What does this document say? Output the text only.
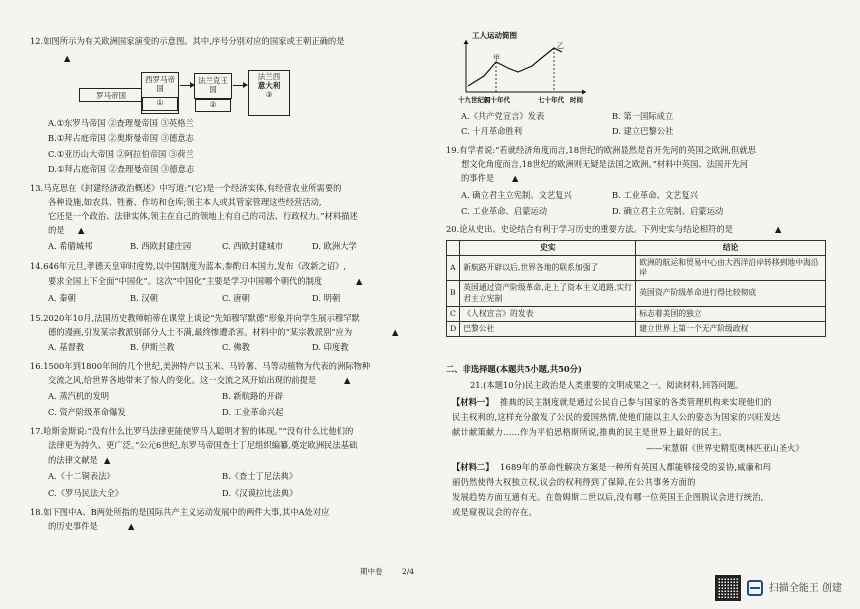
12.如图所示为有关欧洲国家演变的示意图。其中,序号分别对应的国家或王朝正确的是
▲
罗马帝国
西罗马帝国
①
法兰克王国
②
法兰西
意大利
③
A.①东罗马帝国 ②查理曼帝国 ③英格兰
B.①拜占庭帝国 ②奥斯曼帝国 ③德意志
C.①亚历山大帝国 ②阿拉伯帝国 ③荷兰
D.①拜占庭帝国 ②查理曼帝国 ③德意志
13.马克思在《封建经济政治概述》中写道:“(它)是一个经济实体,有经营农业所需要的
各种设施,如农具、牲畜、作坊和仓库;领主本人或其管家管理这些经营活动,
它还是一个政治、法律实体,领主在自己的领地上有自己的司法、行政权力。”材料描述
的是 ▲
A. 希腊城邦	B. 西欧封建庄园	C. 西欧封建城市	D. 欧洲大学
14.646年元旦,孝德天皇审时度势,以中国制度为蓝本,参酌日本国力,发布《改新之诏》,
要求全国上下全面“中国化”。这次“中国化”主要是学习中国哪个朝代的制度	▲
A. 秦朝	B. 汉朝	C. 唐朝	D. 明朝
15.2020年10月,法国历史教师帕蒂在课堂上谈论“先知穆罕默德”形象并向学生展示穆罕默
德的漫画,引发某宗教派别部分人士不满,最终惨遭杀害。材料中的“某宗教派别”应为	▲
A. 基督教	B. 伊斯兰教	C. 佛教	D. 印度教
16.1500年到1800年间的几个世纪,美洲特产以玉米、马铃薯、马等动植物为代表的洲际物种
交流之风,给世界各地带来了惊人的变化。这一交流之风开始出现的前提是	▲
A. 蒸汽机的发明	B. 新航路的开辟
C. 资产阶级革命爆发	D. 工业革命兴起
17.哈斯金斯说:“没有什么比罗马法律更能使罗马人聪明才智的体现。”“没有什么比他们的
法律更为持久、更广泛。”公元6世纪,东罗马帝国查士丁尼组织编纂,奠定欧洲民法基础
的法律文献是 ▲
A.《十二铜表法》	B.《查士丁尼法典》
C.《罗马民法大全》	D.《汉谟拉比法典》
18.如下图中A、B两处所指的是国际共产主义运动发展中的两件大事,其中A处对应
的历史事件是	▲
期中卷	2/4
工人运动简图
甲
乙
十九世纪初
四十年代	七十年代 时间
A.《共产党宣言》发表	B. 第一国际成立
C. 十月革命胜利	D. 建立巴黎公社
19.有学者说:“若就经济角度而言,18世纪的欧洲显然是首开先河的英国之欧洲,但就思
想文化角度而言,18世纪的欧洲则无疑是法国之欧洲。”材料中英国、法国开先河
的事件是 ▲
A. 确立君主立宪制、文艺复兴	B. 工业革命、文艺复兴
C. 工业革命、启蒙运动	D. 确立君主立宪制、启蒙运动
20.论从史出、史论结合有利于学习历史的重要方法。下列史实与结论相符的是	▲
	史实	结论
A	新航路开辟以后,世界各地的联系加强了	欧洲的航运和贸易中心由大西洋沿岸转移到地中海沿岸
B	英国通过资产阶级革命,走上了资本主义道路,实行君主立宪制	英国资产阶级革命进行得比较彻底
C	《人权宣言》的发表	标志着美国的独立
D	巴黎公社	建立世界上第一个无产阶级政权
二、非选择题(本题共5小题,共50分)
21.(本题10分)民主政治是人类重要的文明成果之一。阅读材料,回答问题。
【材料一】 推典的民主制度就是通过公民自己参与国家的各类管理机构来实现他们的
民主权利的,这样充分激发了公民的爱国热情,使他们能以主人公的姿态为国家的兴旺发达
献计献策献力……作为平伯思格斯所说,推典的民主是世界上最好的民主。
——宋慧娟《世界史精览奥林匹亚山圣火》
【材料二】 1689年的革命性解决方案是一种所有英国人都能够接受的妥协,威廉和玛
丽仍然使得大权独立权,议会的权利得到了保障,在公共事务方面的
发展趋势方面互通有无。在詹姆斯二世以后,没有哪一位英国王企图脱议会进行统治,
或是窥视议会的存在。
扫描全能王 创建
